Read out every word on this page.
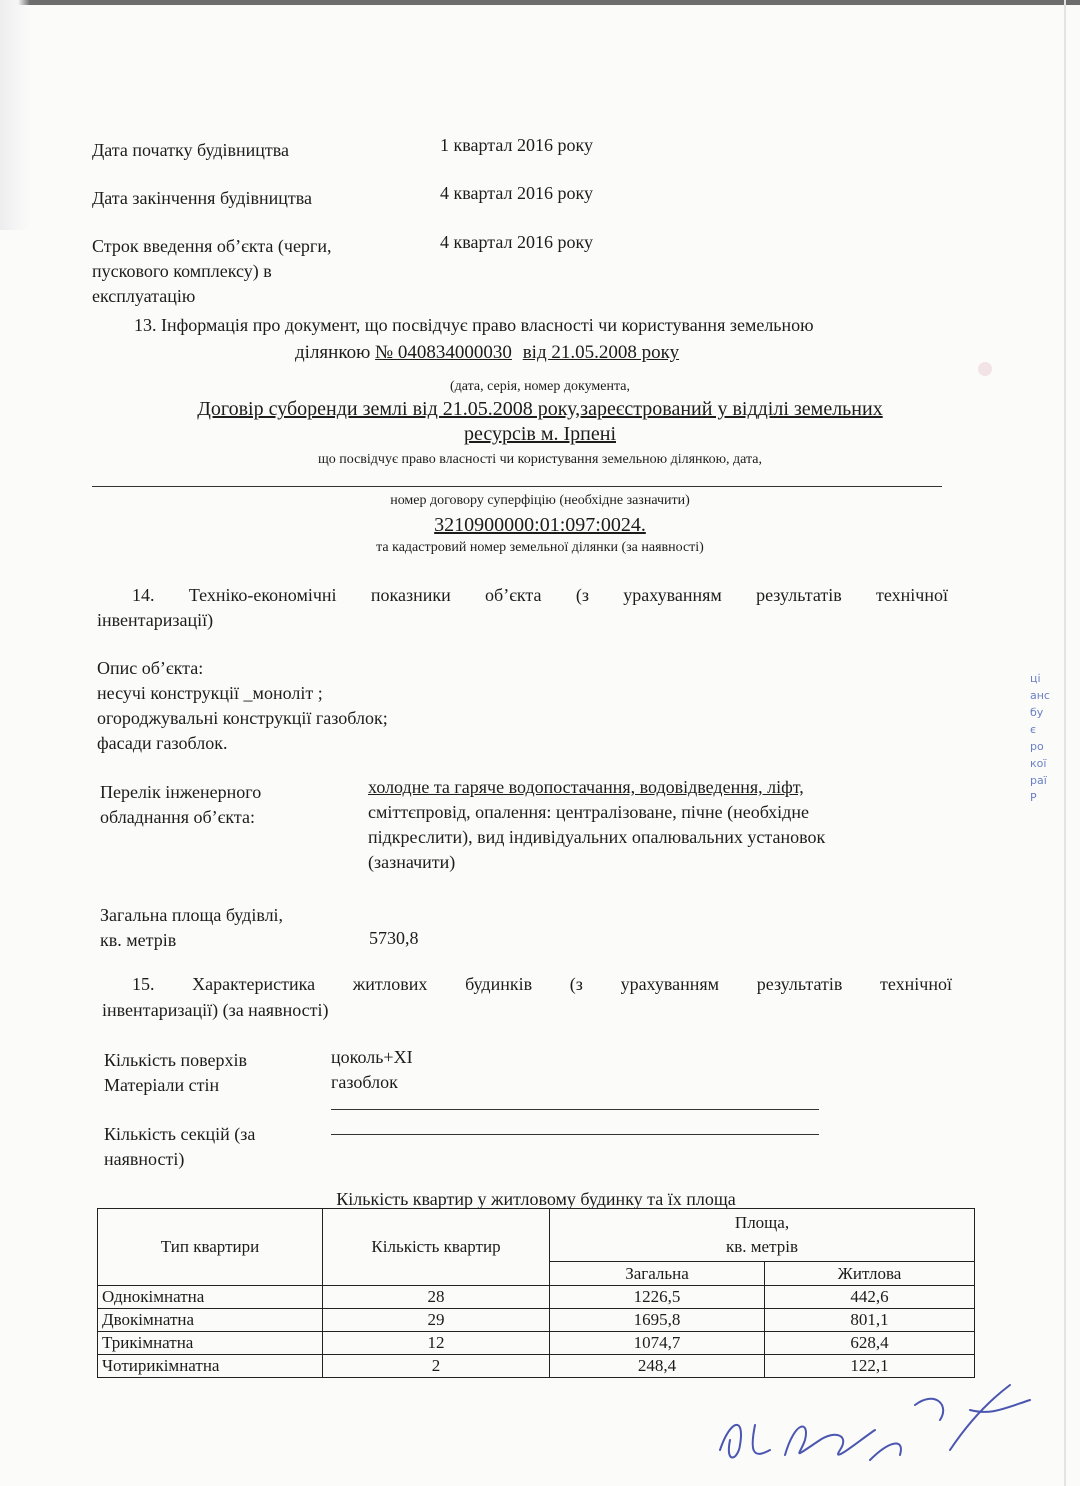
Дата початку будівництва	1 квартал 2016 року
Дата закінчення будівництва	4 квартал 2016 року
Строк введення об’єкта (черги,
пускового комплексу) в
експлуатацію
4 квартал 2016 року
13. Інформація про документ, що посвідчує право власності чи користування земельною
ділянкою № 040834000030 від 21.05.2008 року
(дата, серія, номер документа,
Договір суборенди землі від 21.05.2008 року,зареєстрований у відділі земельних
ресурсів м. Ірпені
що посвідчує право власності чи користування земельною ділянкою, дата,
номер договору суперфіцію (необхідне зазначити)
3210900000:01:097:0024.
та кадастровий номер земельної ділянки (за наявності)
14. Техніко-економічні показники об’єкта (з урахуванням результатів технічної
інвентаризації)
Опис об’єкта:
несучі конструкції _моноліт ;
огороджувальні конструкції газоблок;
фасади газоблок.
Перелік інженерного
обладнання об’єкта:
холодне та гаряче водопостачання, водовідведення, ліфт,
сміттєпровід, опалення: централізоване, пічне (необхідне
підкреслити), вид індивідуальних опалювальних установок
(зазначити)
Загальна площа будівлі,
кв. метрів	5730,8
15. Характеристика житлових будинків (з урахуванням результатів технічної
інвентаризації) (за наявності)
Кількість поверхів	цоколь+XI
Матеріали стін	газоблок
Кількість секцій (за
наявності)
Кількість квартир у житловому будинку та їх площа
Тип квартири	Кількість квартир	Площа,
кв. метрів	

		Загальна	Житлова
Однокімнатна	28	1226,5	442,6
Двокімнатна	29	1695,8	801,1
Трикімнатна	12	1074,7	628,4
Чотирикімнатна	2	248,4	122,1
ці
анс
бу
є
ро
кої
раї
Р
